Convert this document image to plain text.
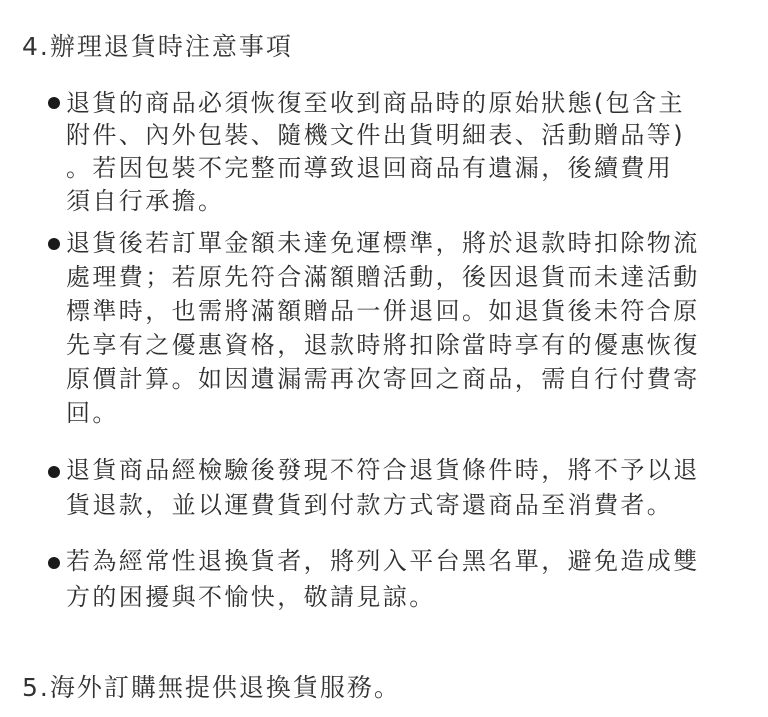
4.辦理退貨時注意事項
退貨的商品必須恢復至收到商品時的原始狀態(包含主
附件、內外包裝、隨機文件出貨明細表、活動贈品等)
。若因包裝不完整而導致退回商品有遺漏，後續費用
須自行承擔。
退貨後若訂單金額未達免運標準，將於退款時扣除物流
處理費；若原先符合滿額贈活動，後因退貨而未達活動
標準時，也需將滿額贈品一併退回。如退貨後未符合原
先享有之優惠資格，退款時將扣除當時享有的優惠恢復
原價計算。如因遺漏需再次寄回之商品，需自行付費寄
回。
退貨商品經檢驗後發現不符合退貨條件時，將不予以退
貨退款，並以運費貨到付款方式寄還商品至消費者。
若為經常性退換貨者，將列入平台黑名單，避免造成雙
方的困擾與不愉快，敬請見諒。
5.海外訂購無提供退換貨服務。
